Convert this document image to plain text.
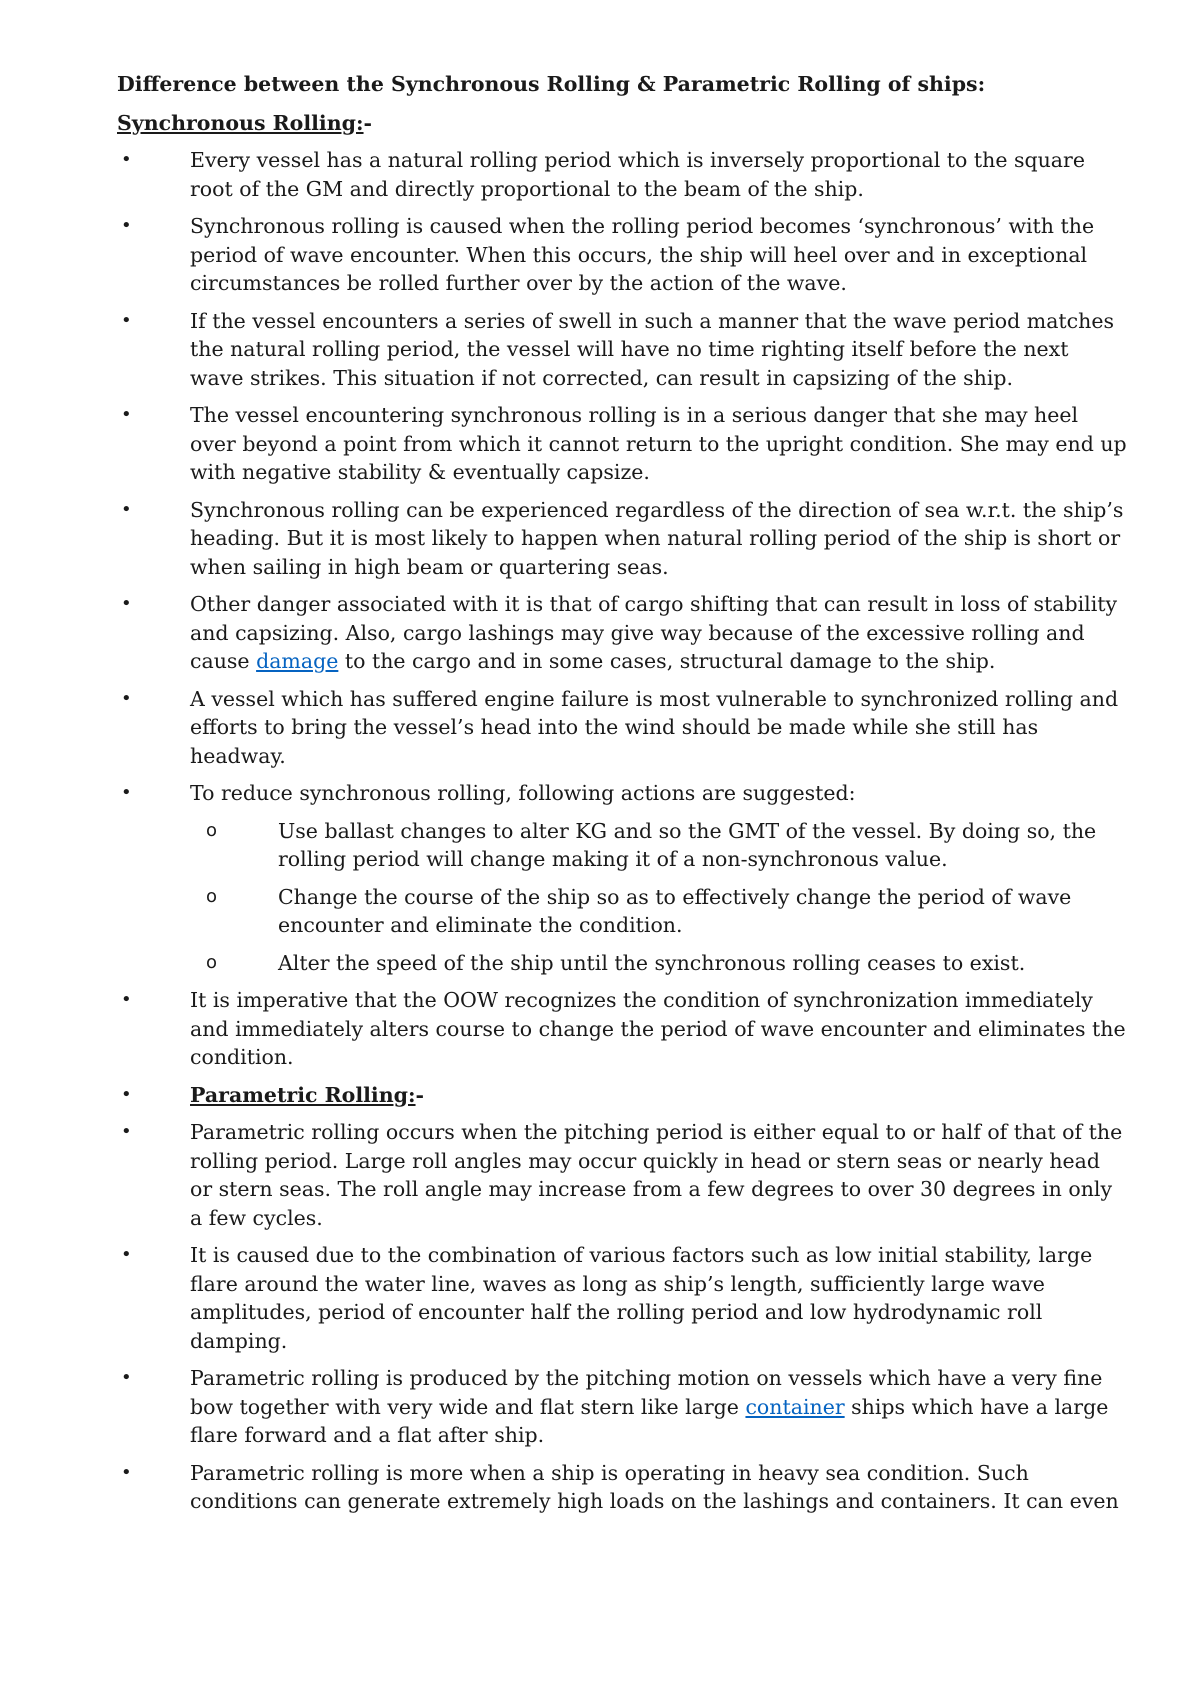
Difference between the Synchronous Rolling & Parametric Rolling of ships:
Synchronous Rolling:-
•	Every vessel has a natural rolling period which is inversely proportional to the square root of the GM and directly proportional to the beam of the ship.
•	Synchronous rolling is caused when the rolling period becomes ‘synchronous’ with the period of wave encounter. When this occurs, the ship will heel over and in exceptional circumstances be rolled further over by the action of the wave.
•	If the vessel encounters a series of swell in such a manner that the wave period matches the natural rolling period, the vessel will have no time righting itself before the next wave strikes. This situation if not corrected, can result in capsizing of the ship.
•	The vessel encountering synchronous rolling is in a serious danger that she may heel over beyond a point from which it cannot return to the upright condition. She may end up with negative stability & eventually capsize.
•	Synchronous rolling can be experienced regardless of the direction of sea w.r.t. the ship’s heading. But it is most likely to happen when natural rolling period of the ship is short or when sailing in high beam or quartering seas.
•	Other danger associated with it is that of cargo shifting that can result in loss of stability and capsizing. Also, cargo lashings may give way because of the excessive rolling and cause damage to the cargo and in some cases, structural damage to the ship.
•	A vessel which has suffered engine failure is most vulnerable to synchronized rolling and efforts to bring the vessel’s head into the wind should be made while she still has headway.
•	To reduce synchronous rolling, following actions are suggested:
o	Use ballast changes to alter KG and so the GMT of the vessel. By doing so, the rolling period will change making it of a non-synchronous value.
o	Change the course of the ship so as to effectively change the period of wave encounter and eliminate the condition.
o	Alter the speed of the ship until the synchronous rolling ceases to exist.
•	It is imperative that the OOW recognizes the condition of synchronization immediately and immediately alters course to change the period of wave encounter and eliminates the condition.
•	Parametric Rolling:-
•	Parametric rolling occurs when the pitching period is either equal to or half of that of the rolling period. Large roll angles may occur quickly in head or stern seas or nearly head or stern seas. The roll angle may increase from a few degrees to over 30 degrees in only a few cycles.
•	It is caused due to the combination of various factors such as low initial stability, large flare around the water line, waves as long as ship’s length, sufficiently large wave amplitudes, period of encounter half the rolling period and low hydrodynamic roll damping.
•	Parametric rolling is produced by the pitching motion on vessels which have a very fine bow together with very wide and flat stern like large container ships which have a large flare forward and a flat after ship.
•	Parametric rolling is more when a ship is operating in heavy sea condition. Such conditions can generate extremely high loads on the lashings and containers. It can even
